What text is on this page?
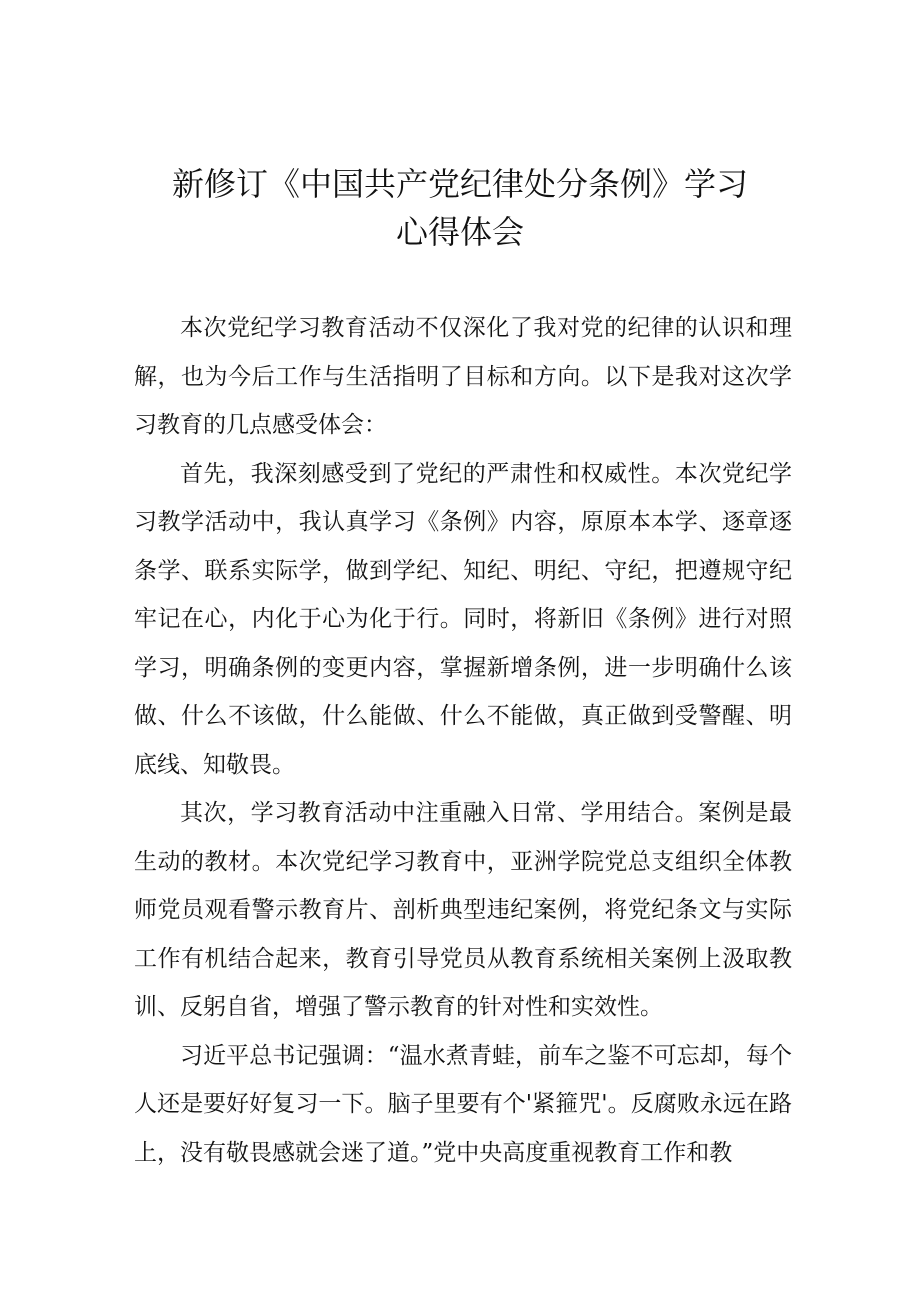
新修订《中国共产党纪律处分条例》学习
心得体会

本次党纪学习教育活动不仅深化了我对党的纪律的认识和理解，也为今后工作与生活指明了目标和方向。以下是我对这次学习教育的几点感受体会：

首先，我深刻感受到了党纪的严肃性和权威性。本次党纪学习教学活动中，我认真学习《条例》内容，原原本本学、逐章逐条学、联系实际学，做到学纪、知纪、明纪、守纪，把遵规守纪牢记在心，内化于心为化于行。同时，将新旧《条例》进行对照学习，明确条例的变更内容，掌握新增条例，进一步明确什么该做、什么不该做，什么能做、什么不能做，真正做到受警醒、明底线、知敬畏。

其次，学习教育活动中注重融入日常、学用结合。案例是最生动的教材。本次党纪学习教育中，亚洲学院党总支组织全体教师党员观看警示教育片、剖析典型违纪案例，将党纪条文与实际工作有机结合起来，教育引导党员从教育系统相关案例上汲取教训、反躬自省，增强了警示教育的针对性和实效性。

习近平总书记强调：“温水煮青蛙，前车之鉴不可忘却，每个人还是要好好复习一下。脑子里要有个'紧箍咒'。反腐败永远在路上，没有敬畏感就会迷了道。”党中央高度重视教育工作和教
